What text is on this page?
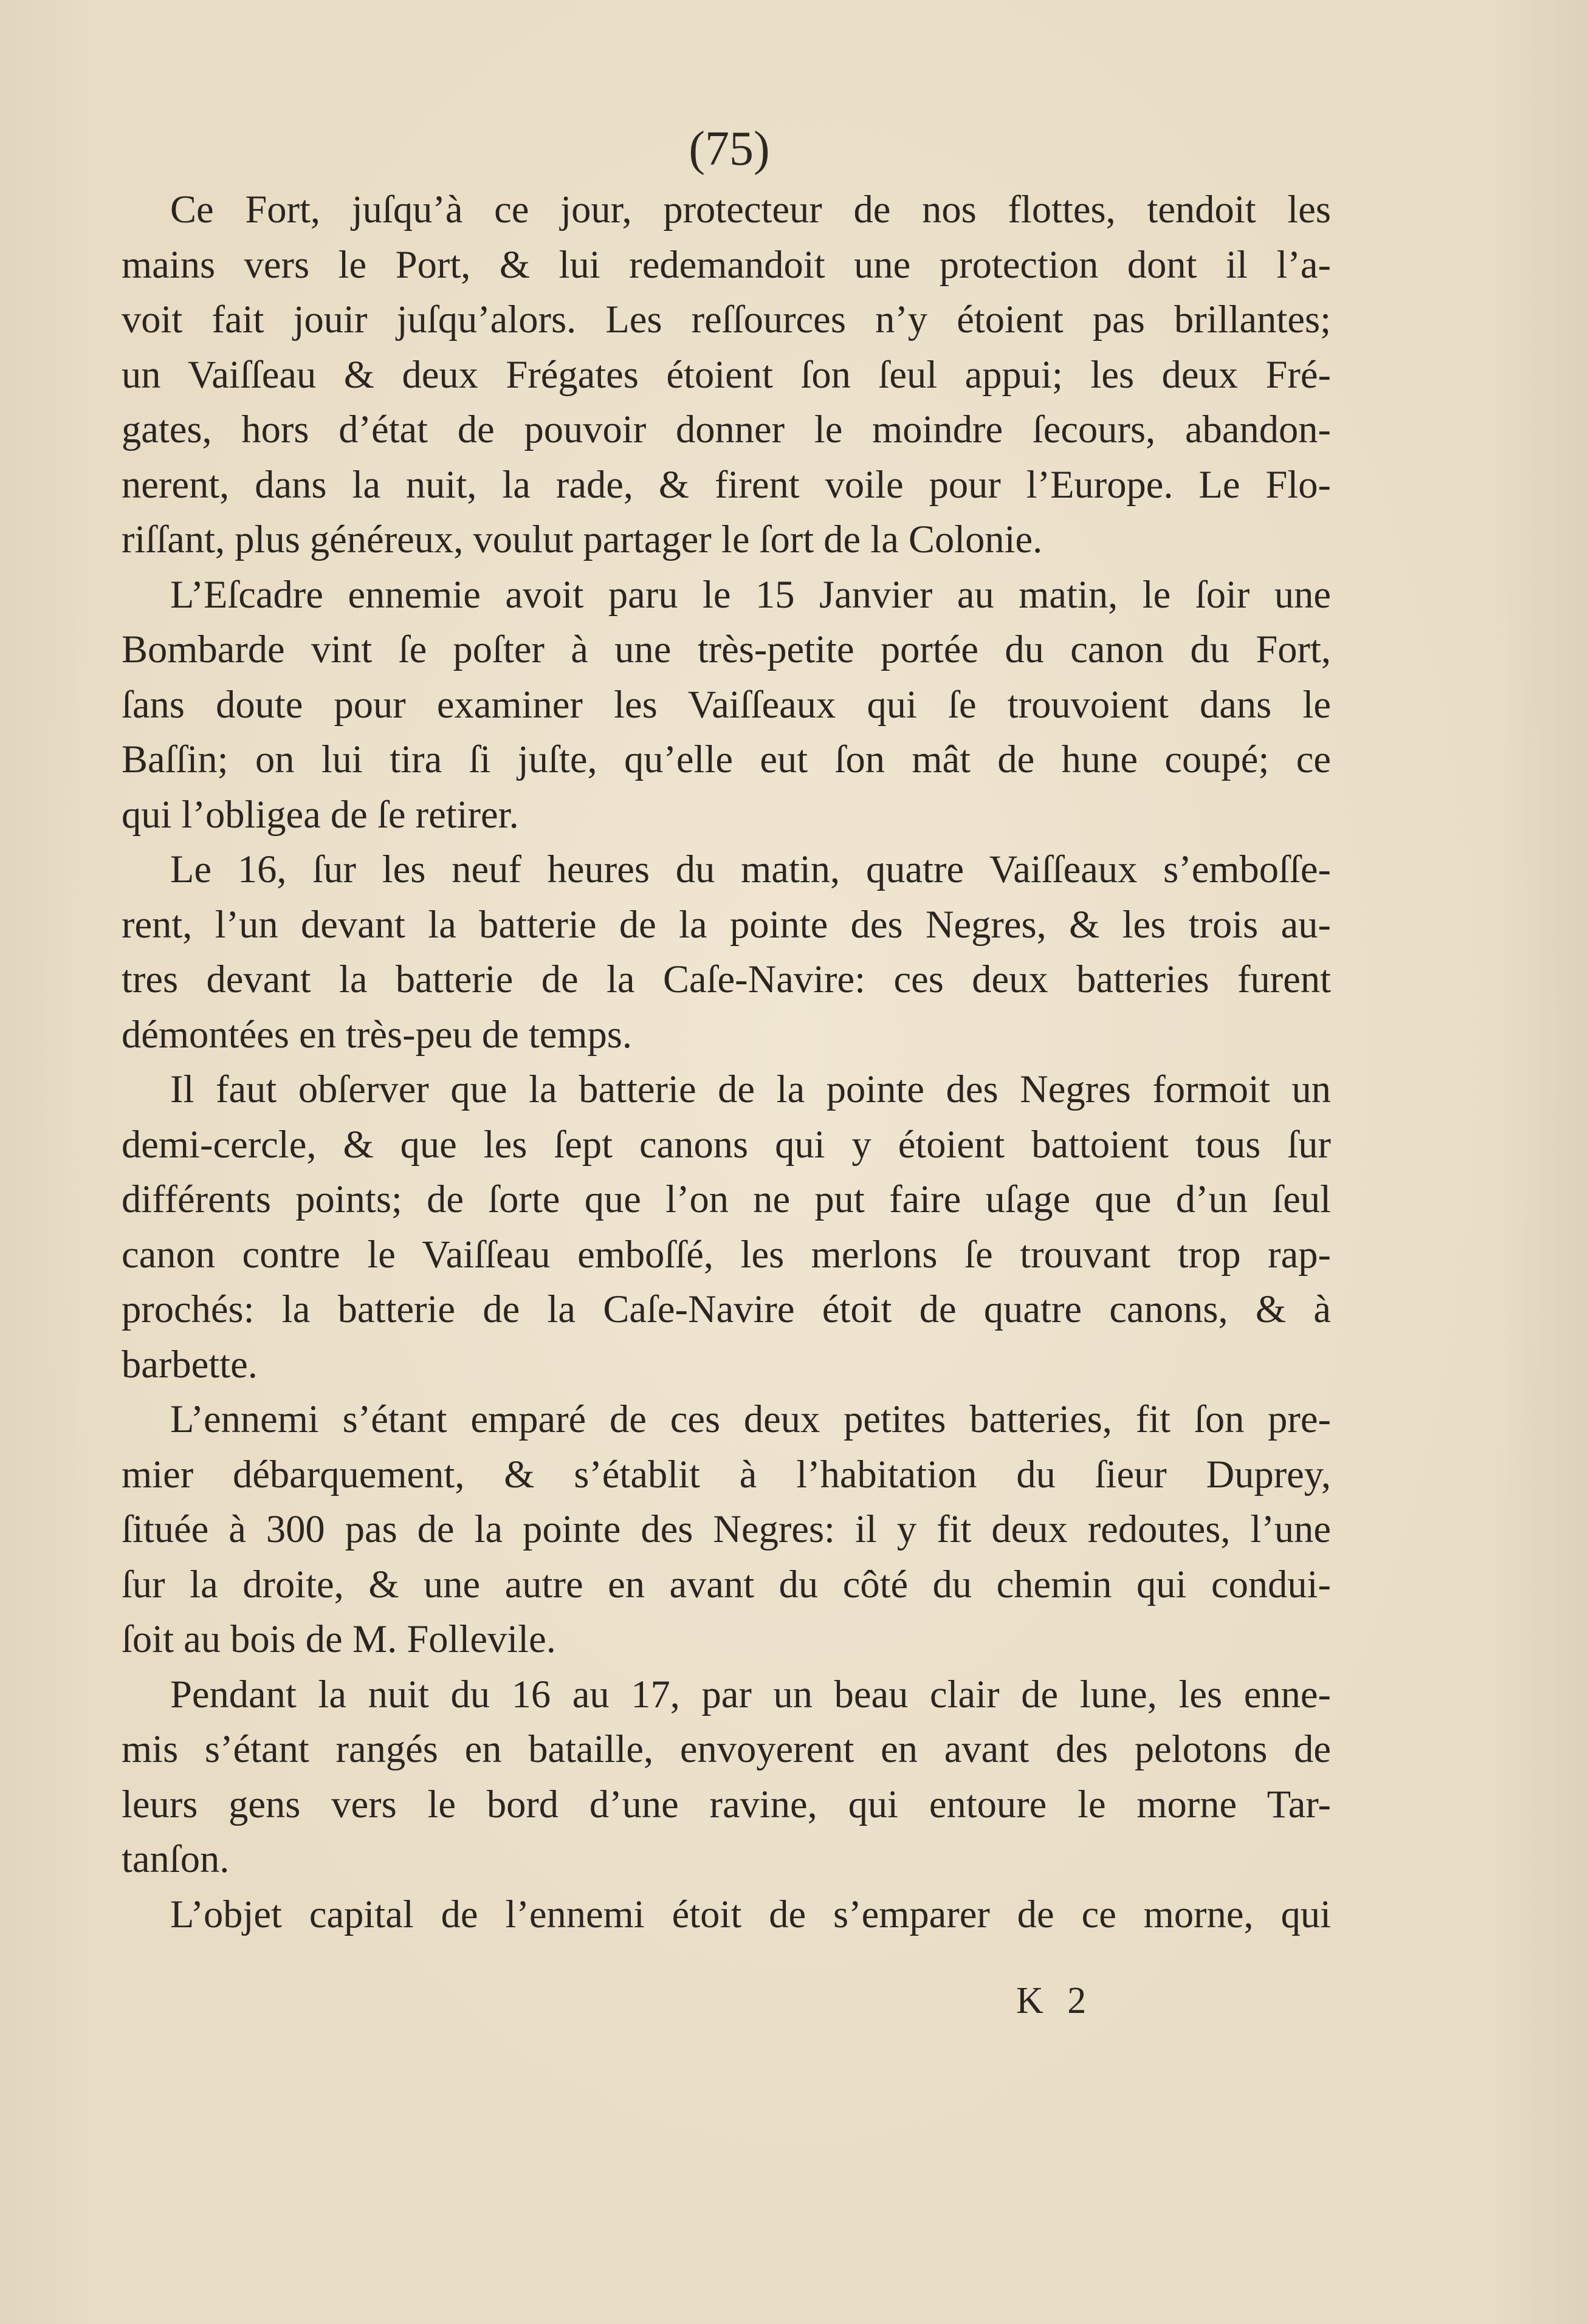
(75)
Ce Fort, juſqu’à ce jour, protecteur de nos flottes, tendoit les
mains vers le Port, & lui redemandoit une protection dont il l’a-
voit fait jouir juſqu’alors. Les reſſources n’y étoient pas brillantes;
un Vaiſſeau & deux Frégates étoient ſon ſeul appui; les deux Fré-
gates, hors d’état de pouvoir donner le moindre ſecours, abandon-
nerent, dans la nuit, la rade, & firent voile pour l’Europe. Le Flo-
riſſant, plus généreux, voulut partager le ſort de la Colonie.
L’Eſcadre ennemie avoit paru le 15 Janvier au matin, le ſoir une
Bombarde vint ſe poſter à une très-petite portée du canon du Fort,
ſans doute pour examiner les Vaiſſeaux qui ſe trouvoient dans le
Baſſin; on lui tira ſi juſte, qu’elle eut ſon mât de hune coupé; ce
qui l’obligea de ſe retirer.
Le 16, ſur les neuf heures du matin, quatre Vaiſſeaux s’emboſſe-
rent, l’un devant la batterie de la pointe des Negres, & les trois au-
tres devant la batterie de la Caſe-Navire: ces deux batteries furent
démontées en très-peu de temps.
Il faut obſerver que la batterie de la pointe des Negres formoit un
demi-cercle, & que les ſept canons qui y étoient battoient tous ſur
différents points; de ſorte que l’on ne put faire uſage que d’un ſeul
canon contre le Vaiſſeau emboſſé, les merlons ſe trouvant trop rap-
prochés: la batterie de la Caſe-Navire étoit de quatre canons, & à
barbette.
L’ennemi s’étant emparé de ces deux petites batteries, fit ſon pre-
mier débarquement, & s’établit à l’habitation du ſieur Duprey,
ſituée à 300 pas de la pointe des Negres: il y fit deux redoutes, l’une
ſur la droite, & une autre en avant du côté du chemin qui condui-
ſoit au bois de M. Follevile.
Pendant la nuit du 16 au 17, par un beau clair de lune, les enne-
mis s’étant rangés en bataille, envoyerent en avant des pelotons de
leurs gens vers le bord d’une ravine, qui entoure le morne Tar-
tanſon.
L’objet capital de l’ennemi étoit de s’emparer de ce morne, qui
K 2
